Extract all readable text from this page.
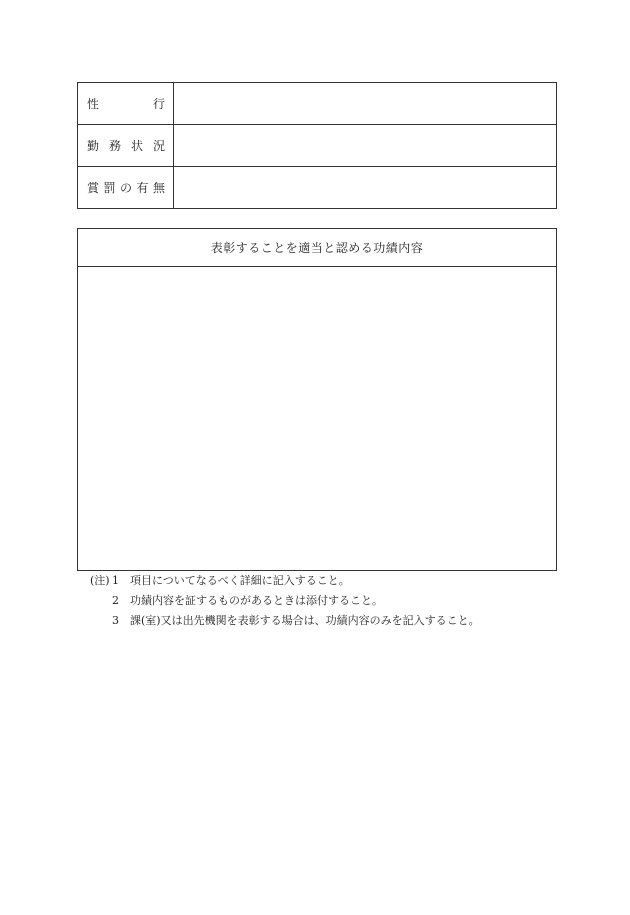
性 行	

勤 務 状 況	

賞 罰 の 有 無	

表彰することを適当と認める功績内容
(注) 1	項目についてなるべく詳細に記入すること。
2	功績内容を証するものがあるときは添付すること。
3	課(室)又は出先機関を表彰する場合は、功績内容のみを記入すること。
